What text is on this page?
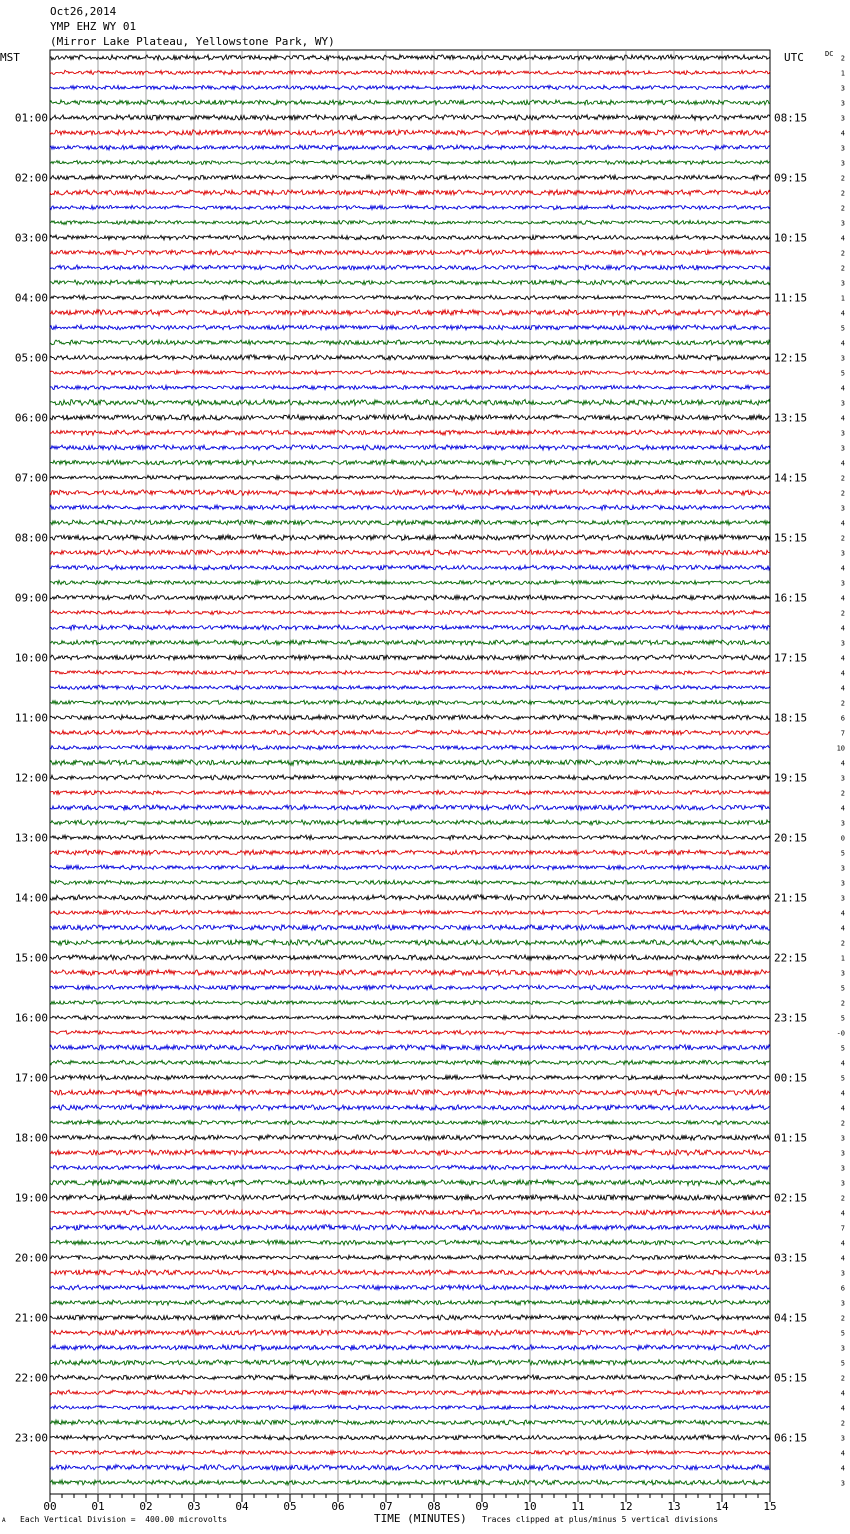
01:00	08:15
02:00	09:15
03:00	10:15
04:00	11:15
05:00	12:15
06:00	13:15
07:00	14:15
08:00	15:15
09:00	16:15
10:00	17:15
11:00	18:15
12:00	19:15
13:00	20:15
14:00	21:15
15:00	22:15
16:00	23:15
17:00	00:15
18:00	01:15
19:00	02:15
20:00	03:15
21:00	04:15
22:00	05:15
23:00	06:15
MST	UTC	DC
2
1
3
3
3
4
3
3
2
2
2
3
4
2
2
3
1
4
5
4
3
5
4
3
4
3
3
4
2
2
3
4
2
3
4
3
4
2
4
3
4
4
4
2
6
7
10
4
3
2
4
3
0
5
3
3
3
4
4
2
1
3
5
2
5
-0
5
4
5
4
4
2
3
3
3
3
2
4
7
4
4
3
6
3
2
5
3
5
2
4
4
2
3
4
4
3
00	01	02	03	04	05	06	07	08	09	10	11	12	13	14	15
Oct26,2014
YMP EHZ WY 01
(Mirror Lake Plateau, Yellowstone Park, WY)
A Each Vertical Division =  400.00 microvolts	TIME (MINUTES) Traces clipped at plus/minus 5 vertical divisions
